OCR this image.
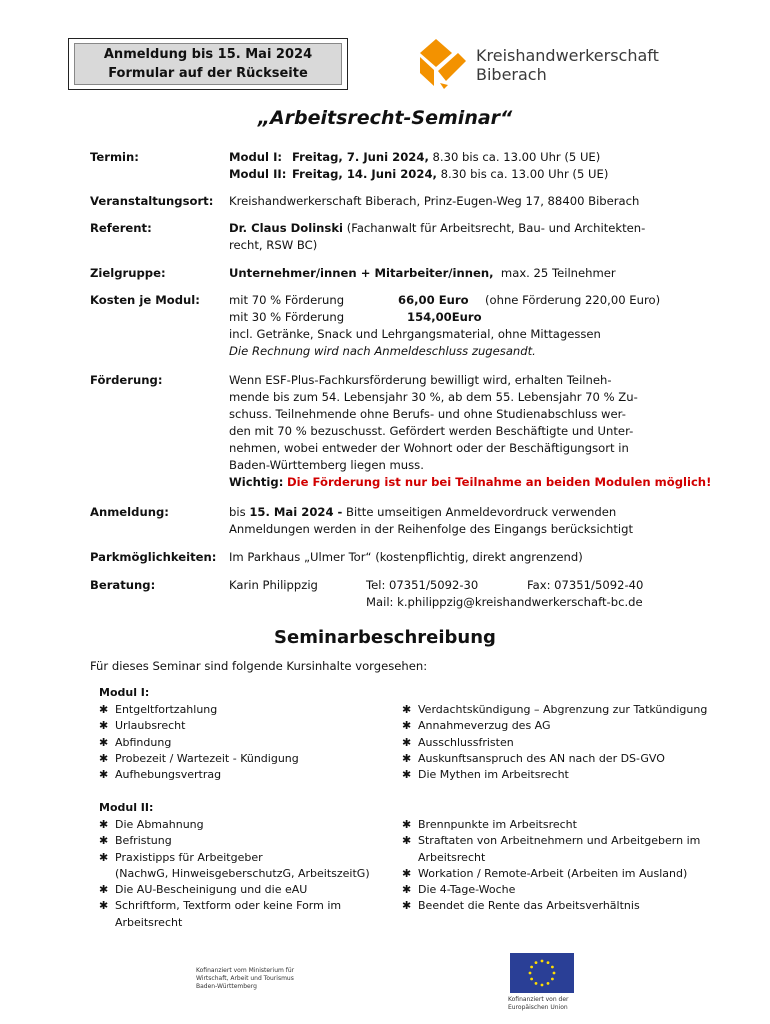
Anmeldung bis 15. Mai 2024
Formular auf der Rückseite
Kreishandwerkerschaft
Biberach
„Arbeitsrecht-Seminar“
Termin:	Modul I: Freitag, 7. Juni 2024, 8.30 bis ca. 13.00 Uhr (5 UE)
Modul II: Freitag, 14. Juni 2024, 8.30 bis ca. 13.00 Uhr (5 UE)
Veranstaltungsort:	Kreishandwerkerschaft Biberach, Prinz-Eugen-Weg 17, 88400 Biberach
Referent:	Dr. Claus Dolinski (Fachanwalt für Arbeitsrecht, Bau- und Architekten-
recht, RSW BC)
Zielgruppe:	Unternehmer/innen + Mitarbeiter/innen, max. 25 Teilnehmer
Kosten je Modul:	mit 70 % Förderung	66,00 Euro (ohne Förderung 220,00 Euro)
mit 30 % Förderung	154,00Euro
incl. Getränke, Snack und Lehrgangsmaterial, ohne Mittagessen
Die Rechnung wird nach Anmeldeschluss zugesandt.
Förderung:	Wenn ESF-Plus-Fachkursförderung bewilligt wird, erhalten Teilneh-
mende bis zum 54. Lebensjahr 30 %, ab dem 55. Lebensjahr 70 % Zu-
schuss. Teilnehmende ohne Berufs- und ohne Studienabschluss wer-
den mit 70 % bezuschusst. Gefördert werden Beschäftigte und Unter-
nehmen, wobei entweder der Wohnort oder der Beschäftigungsort in
Baden-Württemberg liegen muss.
Wichtig: Die Förderung ist nur bei Teilnahme an beiden Modulen möglich!
Anmeldung:	bis 15. Mai 2024 - Bitte umseitigen Anmeldevordruck verwenden
Anmeldungen werden in der Reihenfolge des Eingangs berücksichtigt
Parkmöglichkeiten:	Im Parkhaus „Ulmer Tor“ (kostenpflichtig, direkt angrenzend)
Beratung:	Karin Philippzig	Tel: 07351/5092-30	Fax: 07351/5092-40
Mail: k.philippzig@kreishandwerkerschaft-bc.de
Seminarbeschreibung
Für dieses Seminar sind folgende Kursinhalte vorgesehen:
Modul I:
✱ Entgeltfortzahlung
✱ Urlaubsrecht
✱ Abfindung
✱ Probezeit / Wartezeit - Kündigung
✱ Aufhebungsvertrag
✱ Verdachtskündigung – Abgrenzung zur Tatkündigung
✱ Annahmeverzug des AG
✱ Ausschlussfristen
✱ Auskunftsanspruch des AN nach der DS-GVO
✱ Die Mythen im Arbeitsrecht
Modul II:
✱ Die Abmahnung
✱ Befristung
✱ Praxistipps für Arbeitgeber
(NachwG, HinweisgeberschutzG, ArbeitszeitG)
✱ Die AU-Bescheinigung und die eAU
✱ Schriftform, Textform oder keine Form im
Arbeitsrecht
✱ Brennpunkte im Arbeitsrecht
✱ Straftaten von Arbeitnehmern und Arbeitgebern im
Arbeitsrecht
✱ Workation / Remote-Arbeit (Arbeiten im Ausland)
✱ Die 4-Tage-Woche
✱ Beendet die Rente das Arbeitsverhältnis
Kofinanziert vom Ministerium für
Wirtschaft, Arbeit und Tourismus
Baden-Württemberg
Kofinanziert von der
Europäischen Union
